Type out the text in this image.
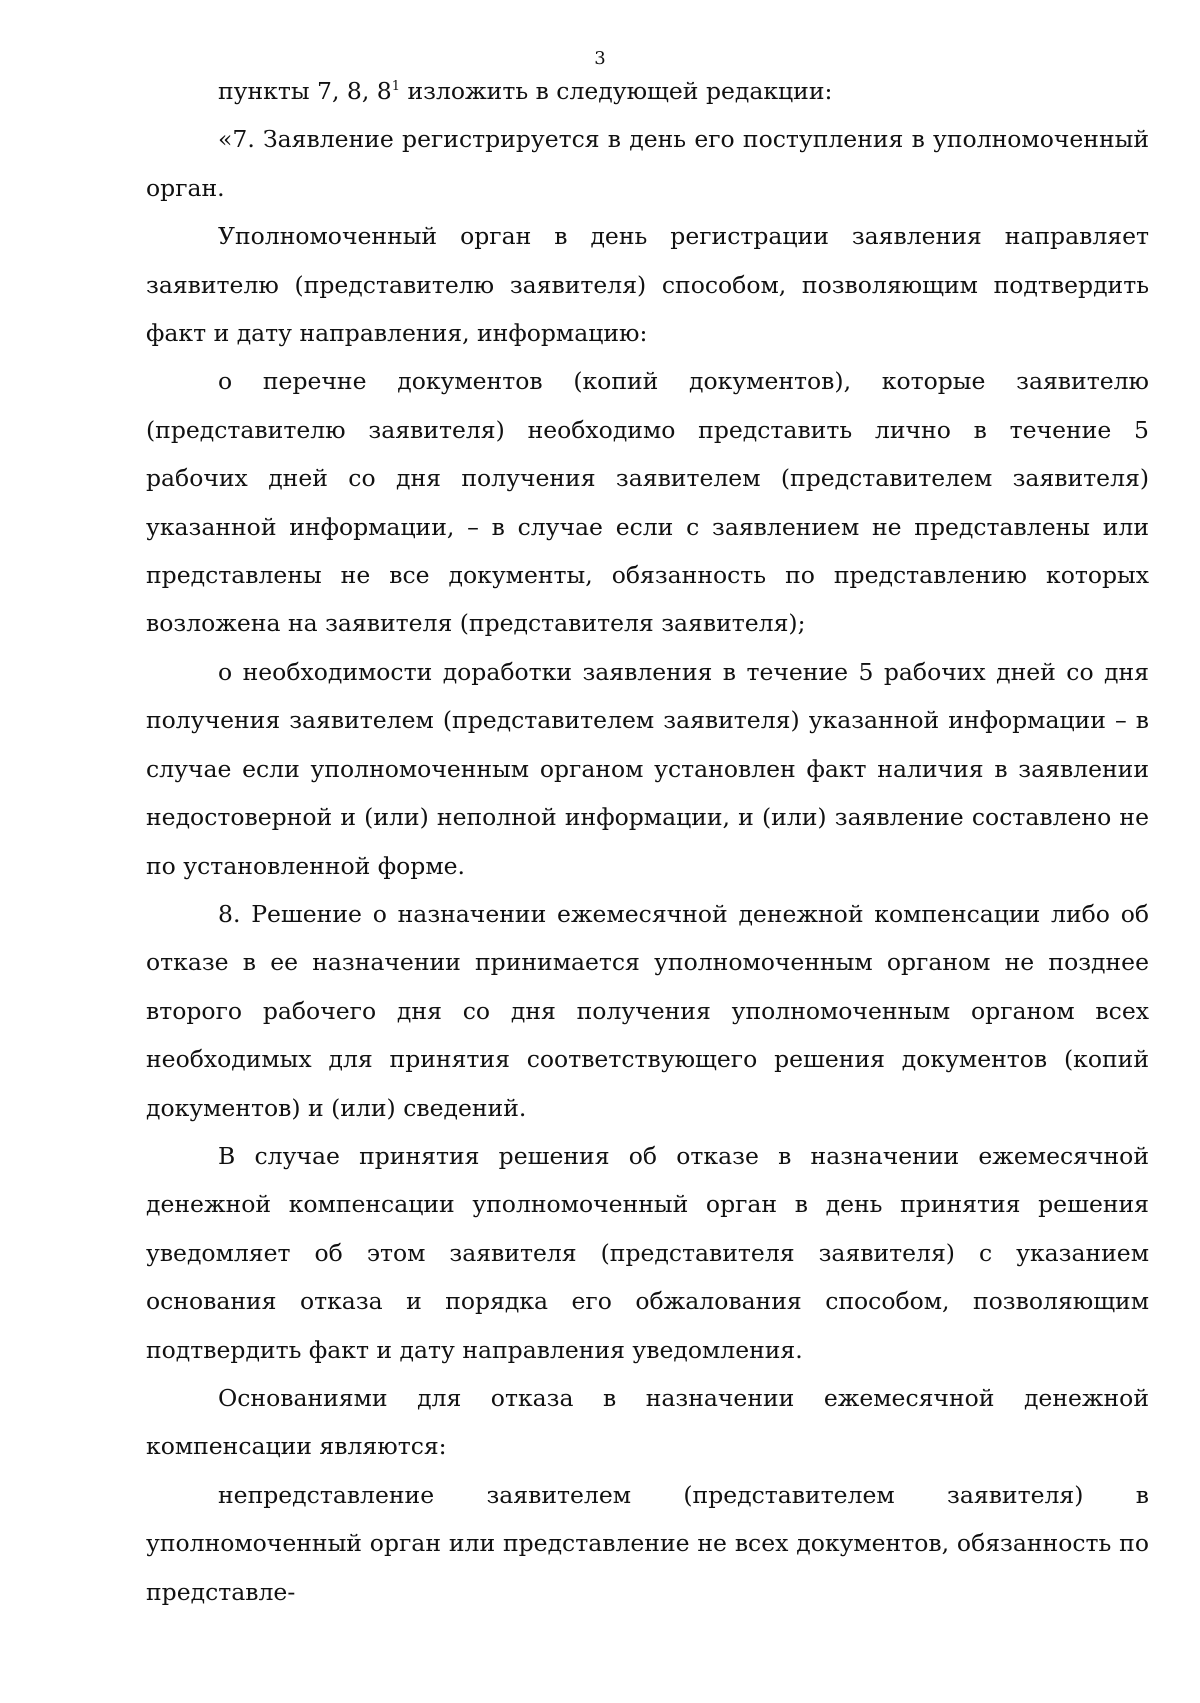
3

пункты 7, 8, $8^1$ изложить в следующей редакции:

«7. Заявление регистрируется в день его поступления в уполномоченный орган.

Уполномоченный орган в день регистрации заявления направляет заявителю (представителю заявителя) способом, позволяющим подтвердить факт и дату направления, информацию:

о перечне документов (копий документов), которые заявителю (представителю заявителя) необходимо представить лично в течение 5 рабочих дней со дня получения заявителем (представителем заявителя) указанной информации, – в случае если с заявлением не представлены или представлены не все документы, обязанность по представлению которых возложена на заявителя (представителя заявителя);

о необходимости доработки заявления в течение 5 рабочих дней со дня получения заявителем (представителем заявителя) указанной информации – в случае если уполномоченным органом установлен факт наличия в заявлении недостоверной и (или) неполной информации, и (или) заявление составлено не по установленной форме.

8. Решение о назначении ежемесячной денежной компенсации либо об отказе в ее назначении принимается уполномоченным органом не позднее второго рабочего дня со дня получения уполномоченным органом всех необходимых для принятия соответствующего решения документов (копий документов) и (или) сведений.

В случае принятия решения об отказе в назначении ежемесячной денежной компенсации уполномоченный орган в день принятия решения уведомляет об этом заявителя (представителя заявителя) с указанием основания отказа и порядка его обжалования способом, позволяющим подтвердить факт и дату направления уведомления.

Основаниями для отказа в назначении ежемесячной денежной компенсации являются:

непредставление заявителем (представителем заявителя) в уполномоченный орган или представление не всех документов, обязанность по представле-
